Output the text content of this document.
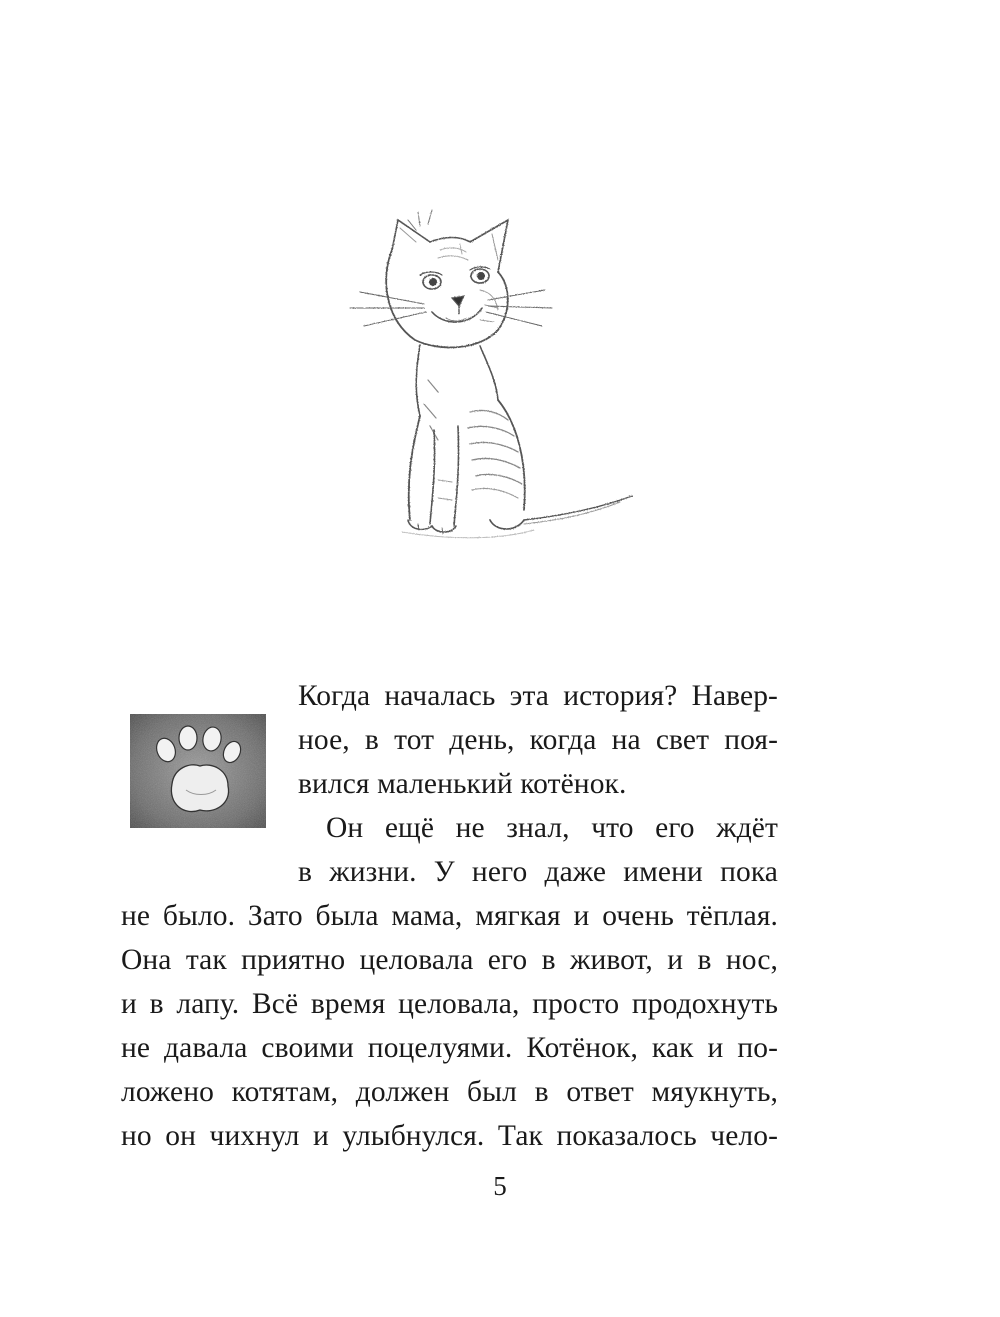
Когда началась эта история? Навер-
ное, в тот день, когда на свет поя-
вился маленький котёнок.
Он ещё не знал, что его ждёт
в жизни. У него даже имени пока
не было. Зато была мама, мягкая и очень тёплая.
Она так приятно целовала его в живот, и в нос,
и в лапу. Всё время целовала, просто продохнуть
не давала своими поцелуями. Котёнок, как и по-
ложено котятам, должен был в ответ мяукнуть,
но он чихнул и улыбнулся. Так показалось чело-
5
